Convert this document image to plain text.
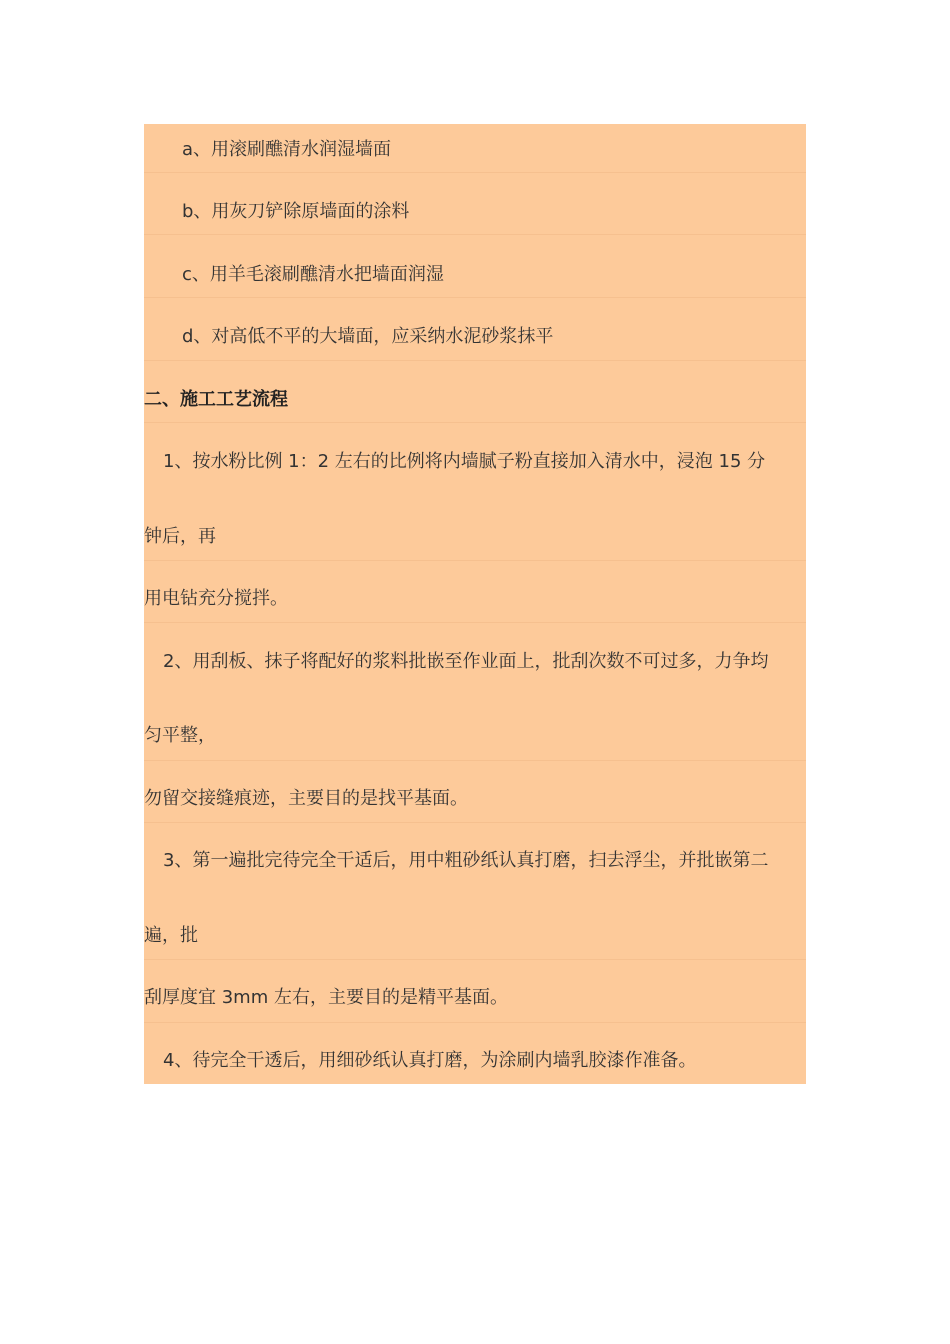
a、用滚刷醮清水润湿墙面
b、用灰刀铲除原墙面的涂料
c、用羊毛滚刷醮清水把墙面润湿
d、对高低不平的大墙面，应采纳水泥砂浆抹平
二、施工工艺流程
1、按水粉比例 1：2 左右的比例将内墙腻子粉直接加入清水中，浸泡 15 分
钟后，再
用电钻充分搅拌。
2、用刮板、抹子将配好的浆料批嵌至作业面上，批刮次数不可过多，力争均
匀平整，
勿留交接缝痕迹，主要目的是找平基面。
3、第一遍批完待完全干适后，用中粗砂纸认真打磨，扫去浮尘，并批嵌第二
遍，批
刮厚度宜 3mm 左右，主要目的是精平基面。
4、待完全干透后，用细砂纸认真打磨，为涂刷内墙乳胶漆作准备。
